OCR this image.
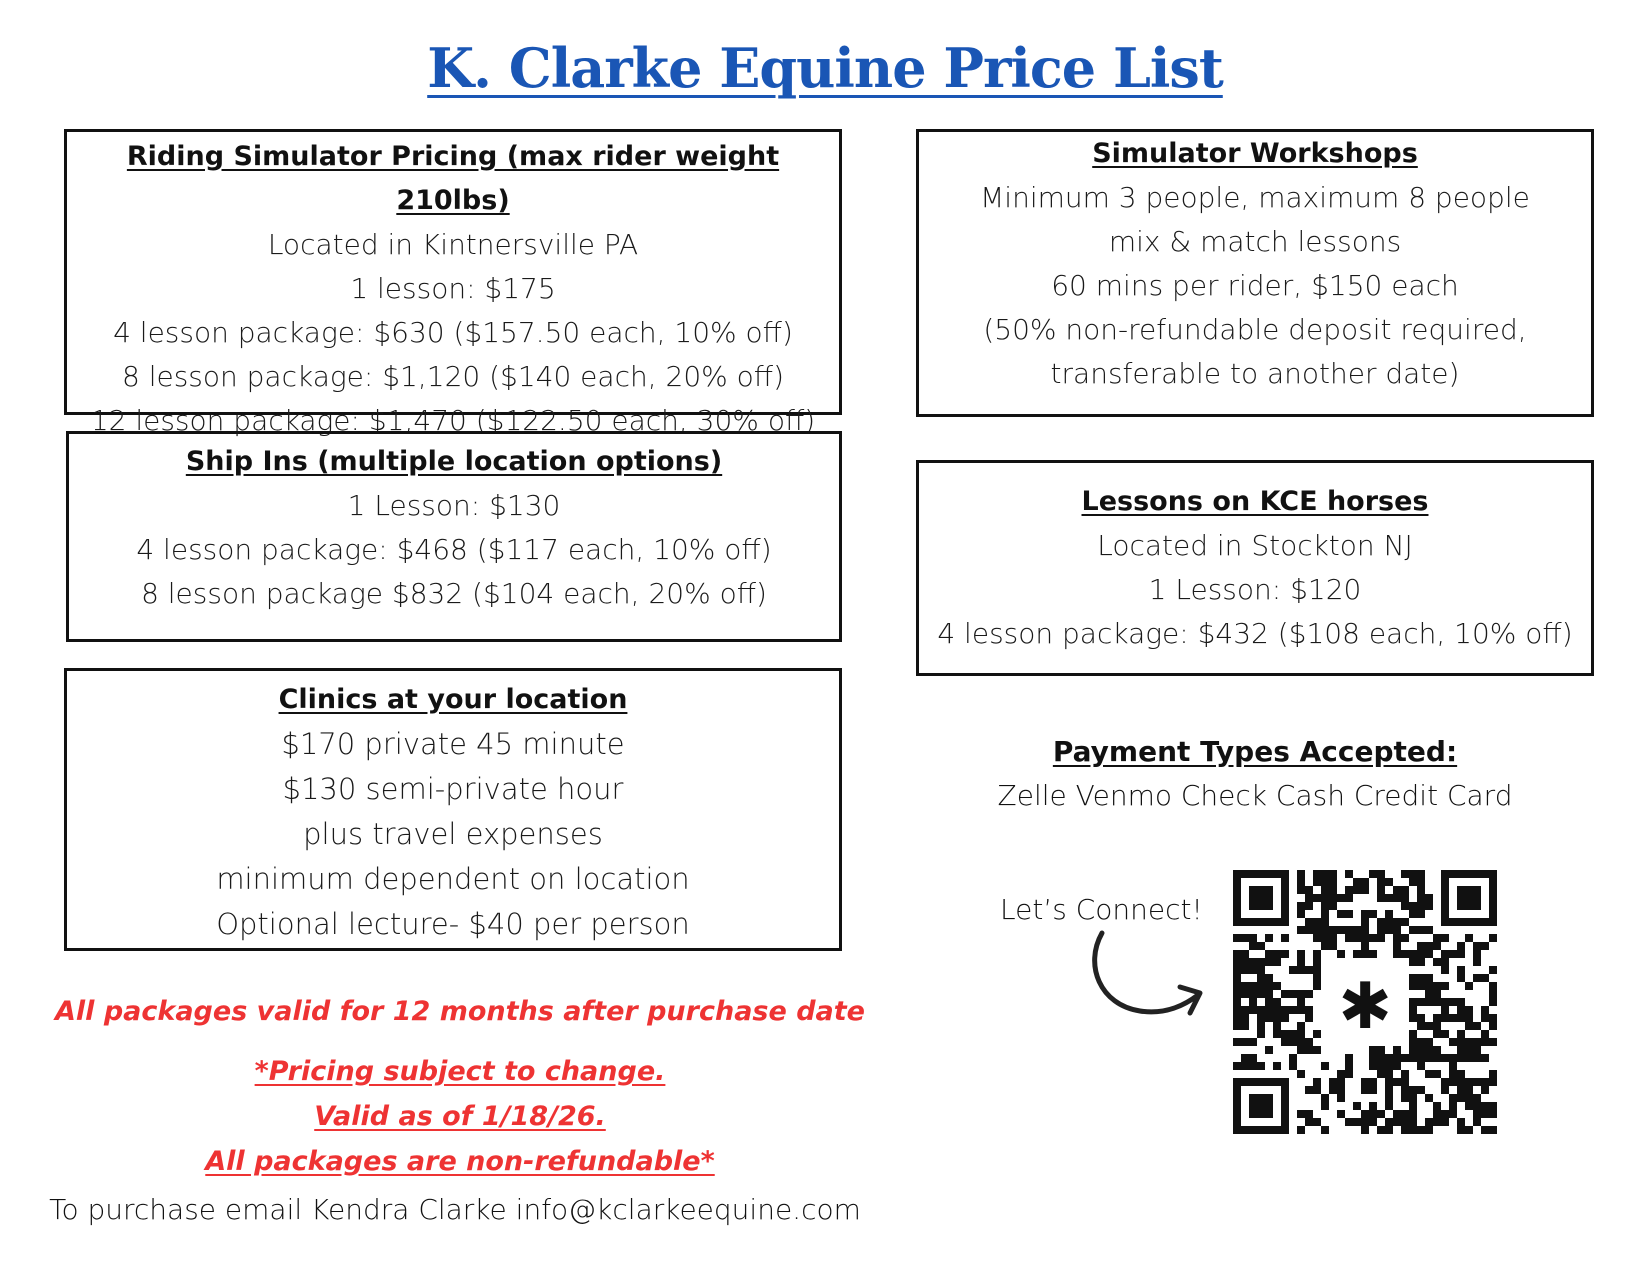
K. Clarke Equine Price List
Riding Simulator Pricing (max rider weight 210lbs)
Located in Kintnersville PA
1 lesson: $175
4 lesson package: $630 ($157.50 each, 10% off)
8 lesson package: $1,120 ($140 each, 20% off)
12 lesson package: $1,470 ($122.50 each, 30% off)
Ship Ins (multiple location options)
1 Lesson: $130
4 lesson package: $468 ($117 each, 10% off)
8 lesson package $832 ($104 each, 20% off)
Clinics at your location
$170 private 45 minute
$130 semi-private hour
plus travel expenses
minimum dependent on location
Optional lecture- $40 per person
Simulator Workshops
Minimum 3 people, maximum 8 people
mix & match lessons
60 mins per rider, $150 each
(50% non-refundable deposit required,
transferable to another date)
Lessons on KCE horses
Located in Stockton NJ
1 Lesson: $120
4 lesson package: $432 ($108 each, 10% off)
Payment Types Accepted:
Zelle Venmo Check Cash Credit Card
All packages valid for 12 months after purchase date
*Pricing subject to change.
Valid as of 1/18/26.
All packages are non-refundable*
To purchase email Kendra Clarke info@kclarkeequine.com
Let’s Connect!
✱
